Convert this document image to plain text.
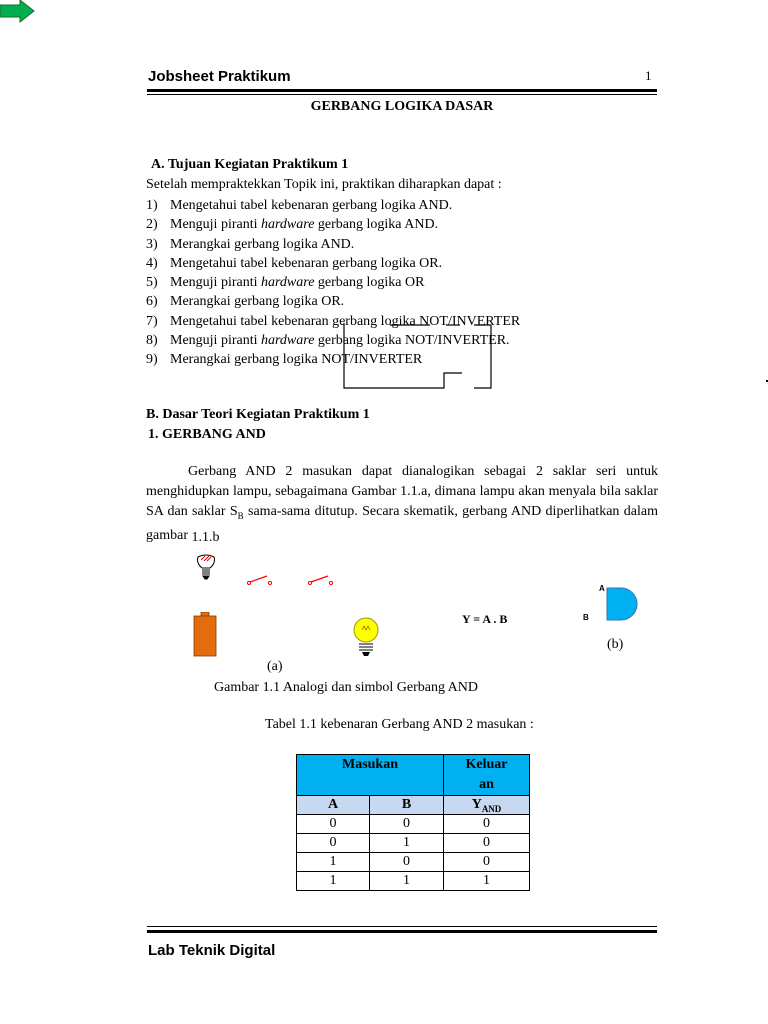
Jobsheet Praktikum	1
GERBANG LOGIKA DASAR
A. Tujuan Kegiatan Praktikum 1
Setelah mempraktekkan Topik ini, praktikan diharapkan dapat :
1) Mengetahui tabel kebenaran gerbang logika AND.
2) Menguji piranti hardware gerbang logika AND.
3) Merangkai gerbang logika AND.
4) Mengetahui tabel kebenaran gerbang logika OR.
5) Menguji piranti hardware gerbang logika OR
6) Merangkai gerbang logika OR.
7) Mengetahui tabel kebenaran gerbang logika NOT/INVERTER
8) Menguji piranti hardware gerbang logika NOT/INVERTER.
9) Merangkai gerbang logika NOT/INVERTER
B. Dasar Teori Kegiatan Praktikum 1
1. GERBANG AND
Gerbang AND 2 masukan dapat dianalogikan sebagai 2 saklar seri untuk menghidupkan lampu, sebagaimana Gambar 1.1.a, dimana lampu akan menyala bila saklar SA dan saklar $S_B$ sama-sama ditutup. Secara skematik, gerbang AND diperlihatkan dalam gambar 1.1.b
(a)
Y = A . B
A
B
(b)
Gambar 1.1 Analogi dan simbol Gerbang AND
Tabel 1.1 kebenaran Gerbang AND 2 masukan :
Masukan		Keluar
an
A	B	$Y_{AND}$
0	0	0
0	1	0
1	0	0
1	1	1
Lab Teknik Digital
